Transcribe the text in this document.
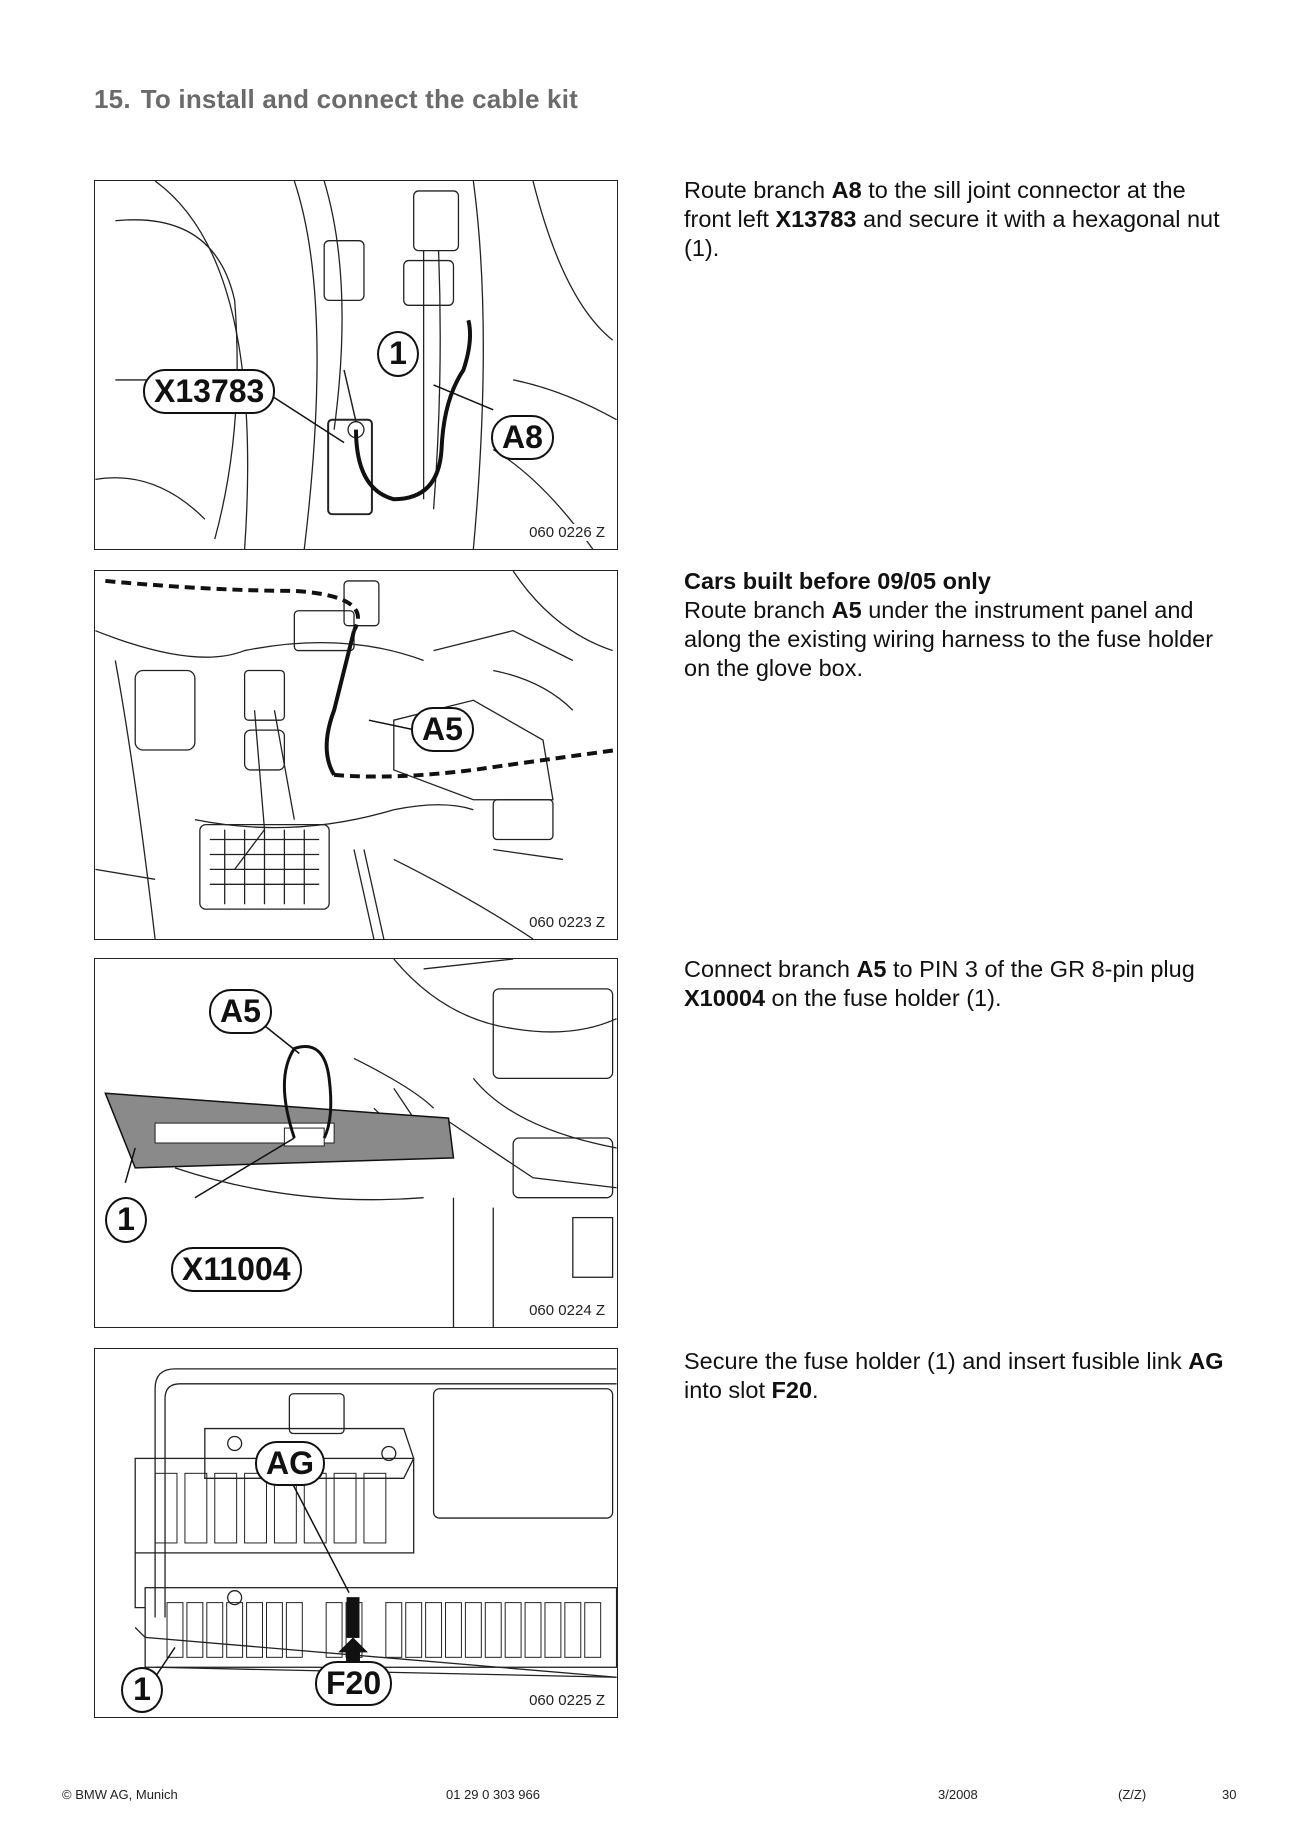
15. To install and connect the cable kit
1
X13783
A8
060 0226 Z

Route branch A8 to the sill joint connector at the front left X13783 and secure it with a hexagonal nut (1).

A5
060 0223 Z

Cars built before 09/05 only

Route branch A5 under the instrument panel and along the existing wiring harness to the fuse holder on the glove box.

A5
1
X11004
060 0224 Z

Connect branch A5 to PIN 3 of the GR 8-pin plug X10004 on the fuse holder (1).

AG
1	F20	060 0225 Z

Secure the fuse holder (1) and insert fusible link AG into slot F20.

© BMW AG, Munich	01 29 0 303 966	3/2008	(Z/Z)	30
